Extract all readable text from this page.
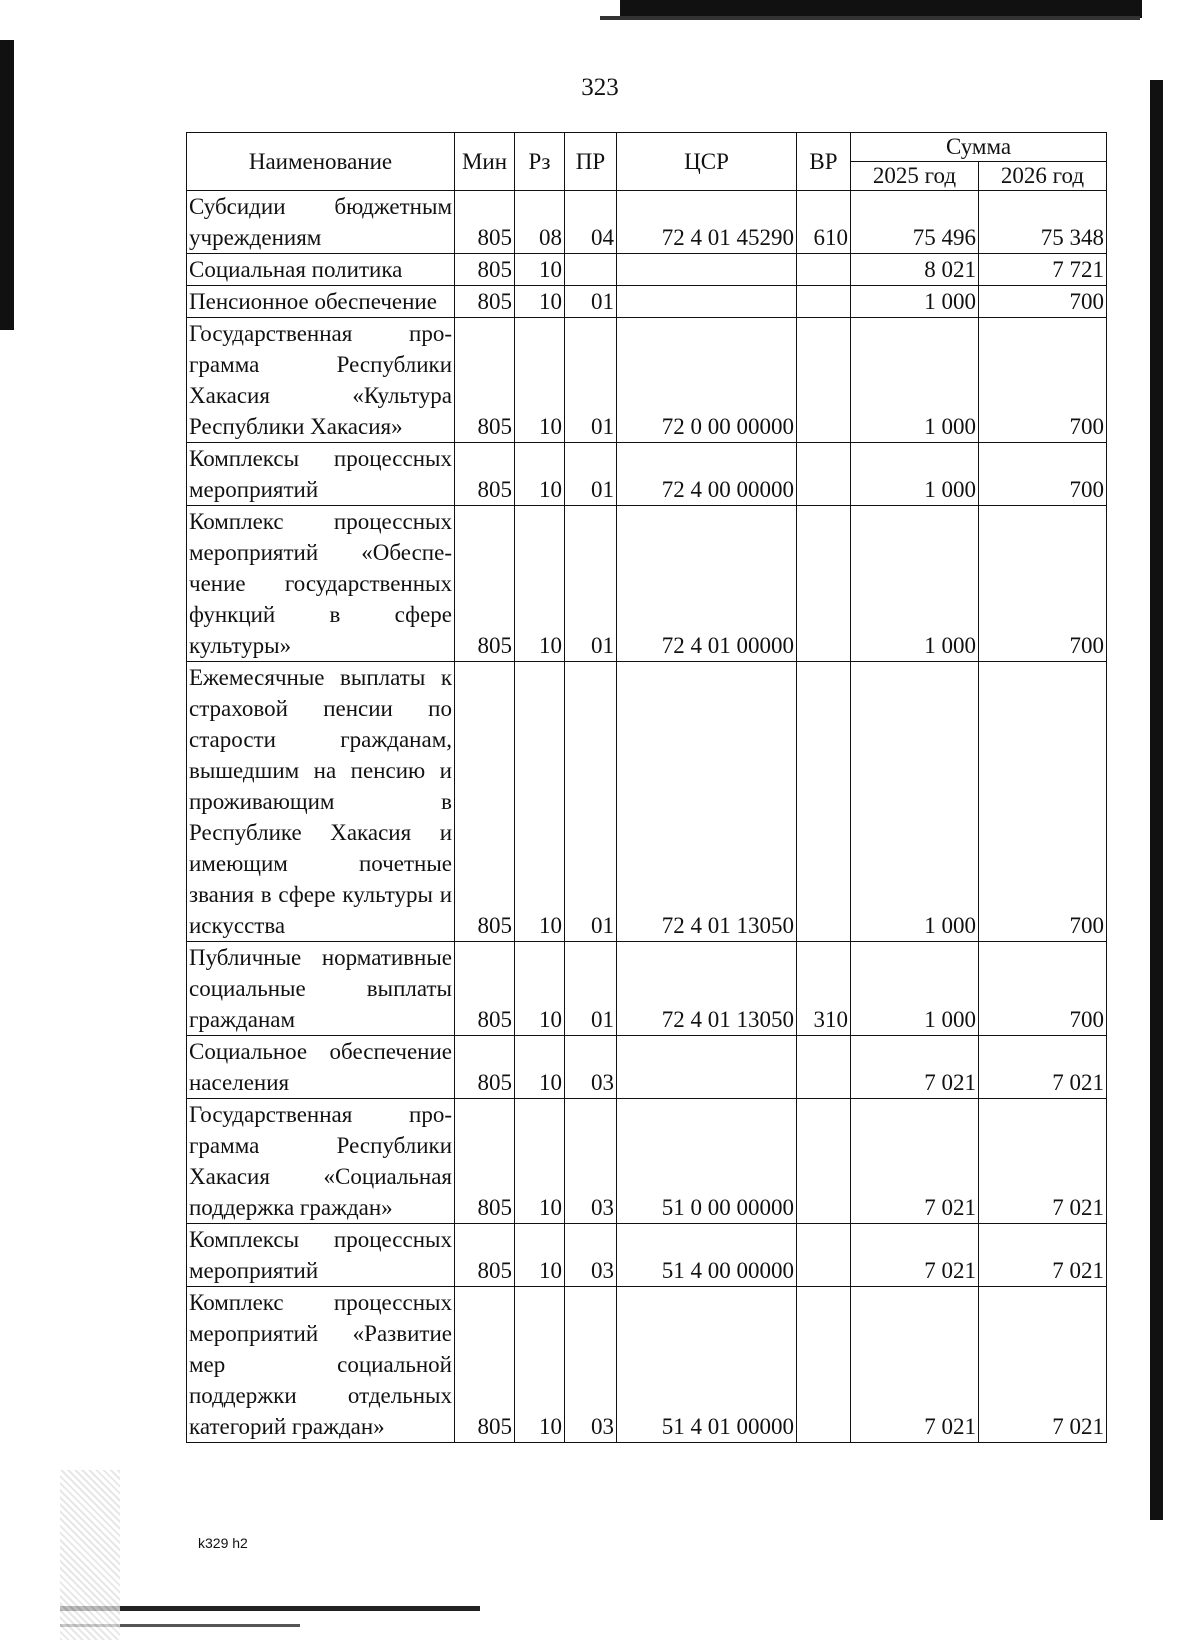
323
Наименование	Мин	Рз	ПР	ЦСР	ВР	Сумма	
						2025 год	2026 год
Субсидии бюджетным учреждениям	805	08	04	72 4 01 45290	610	75 496	75 348
Социальная политика	805	10				8 021	7 721
Пенсионное обеспечение	805	10	01			1 000	700
Государственная программа Республики Хакасия «Культура Республики Хакасия»	805	10	01	72 0 00 00000		1 000	700
Комплексы процессных мероприятий	805	10	01	72 4 00 00000		1 000	700
Комплекс процессных мероприятий «Обеспечение государственных функций в сфере культуры»	805	10	01	72 4 01 00000		1 000	700
Ежемесячные выплаты к страховой пенсии по старости гражданам, вышедшим на пенсию и проживающим в Республике Хакасия и имеющим почетные звания в сфере культуры и искусства	805	10	01	72 4 01 13050		1 000	700
Публичные нормативные социальные выплаты гражданам	805	10	01	72 4 01 13050	310	1 000	700
Социальное обеспечение населения	805	10	03			7 021	7 021
Государственная программа Республики Хакасия «Социальная поддержка граждан»	805	10	03	51 0 00 00000		7 021	7 021
Комплексы процессных мероприятий	805	10	03	51 4 00 00000		7 021	7 021
Комплекс процессных мероприятий «Развитие мер социальной поддержки отдельных категорий граждан»	805	10	03	51 4 01 00000		7 021	7 021
k329 h2
